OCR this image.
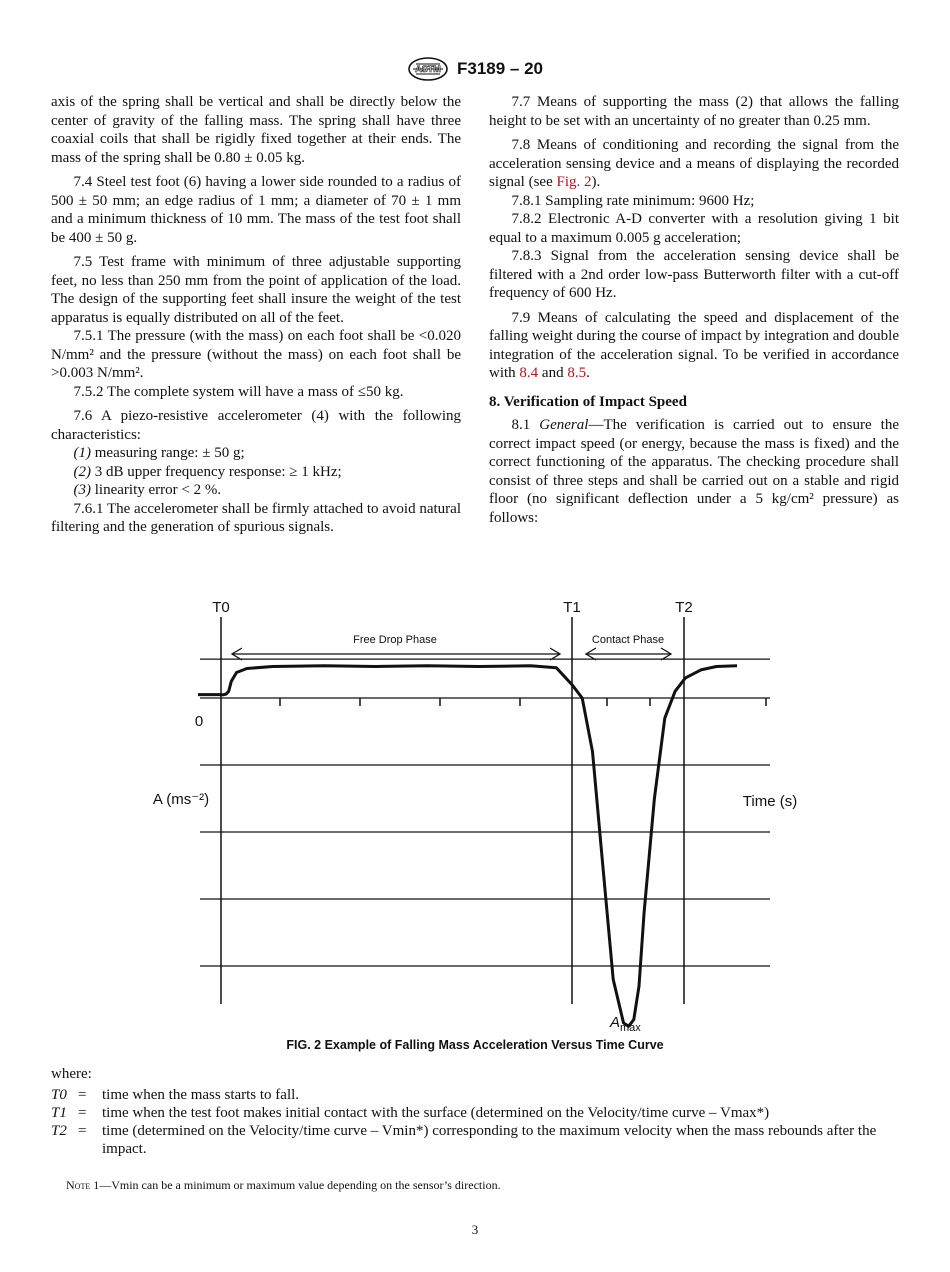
ASTM F3189 – 20

axis of the spring shall be vertical and shall be directly below the center of gravity of the falling mass. The spring shall have three coaxial coils that shall be rigidly fixed together at their ends. The mass of the spring shall be 0.80 ± 0.05 kg.

7.4 Steel test foot (6) having a lower side rounded to a radius of 500 ± 50 mm; an edge radius of 1 mm; a diameter of 70 ± 1 mm and a minimum thickness of 10 mm. The mass of the test foot shall be 400 ± 50 g.

7.5 Test frame with minimum of three adjustable supporting feet, no less than 250 mm from the point of application of the load. The design of the supporting feet shall insure the weight of the test apparatus is equally distributed on all of the feet.

7.5.1 The pressure (with the mass) on each foot shall be <0.020 N/mm² and the pressure (without the mass) on each foot shall be >0.003 N/mm².

7.5.2 The complete system will have a mass of ≤50 kg.

7.6 A piezo-resistive accelerometer (4) with the following characteristics:

(1) measuring range: ± 50 g;

(2) 3 dB upper frequency response: ≥ 1 kHz;

(3) linearity error < 2 %.

7.6.1 The accelerometer shall be firmly attached to avoid natural filtering and the generation of spurious signals.

7.7 Means of supporting the mass (2) that allows the falling height to be set with an uncertainty of no greater than 0.25 mm.

7.8 Means of conditioning and recording the signal from the acceleration sensing device and a means of displaying the recorded signal (see Fig. 2).

7.8.1 Sampling rate minimum: 9600 Hz;

7.8.2 Electronic A-D converter with a resolution giving 1 bit equal to a maximum 0.005 g acceleration;

7.8.3 Signal from the acceleration sensing device shall be filtered with a 2nd order low-pass Butterworth filter with a cut-off frequency of 600 Hz.

7.9 Means of calculating the speed and displacement of the falling weight during the course of impact by integration and double integration of the acceleration signal. To be verified in accordance with 8.4 and 8.5.

8. Verification of Impact Speed

8.1 General—The verification is carried out to ensure the correct impact speed (or energy, because the mass is fixed) and the correct functioning of the apparatus. The checking procedure shall consist of three steps and shall be carried out on a stable and rigid floor (no significant deflection under a 5 kg/cm² pressure) as follows:

T0	T1	T2
0
A (ms⁻²)	Time (s)
Free Drop Phase	Contact Phase
$A_{max}$
FIG. 2 Example of Falling Mass Acceleration Versus Time Curve
where:
T0 =	time when the mass starts to fall.
T1 =	time when the test foot makes initial contact with the surface (determined on the Velocity/time curve – Vmax*)
T2 =	time (determined on the Velocity/time curve – Vmin*) corresponding to the maximum velocity when the mass rebounds after the impact.
Note 1—Vmin can be a minimum or maximum value depending on the sensor’s direction.
3
